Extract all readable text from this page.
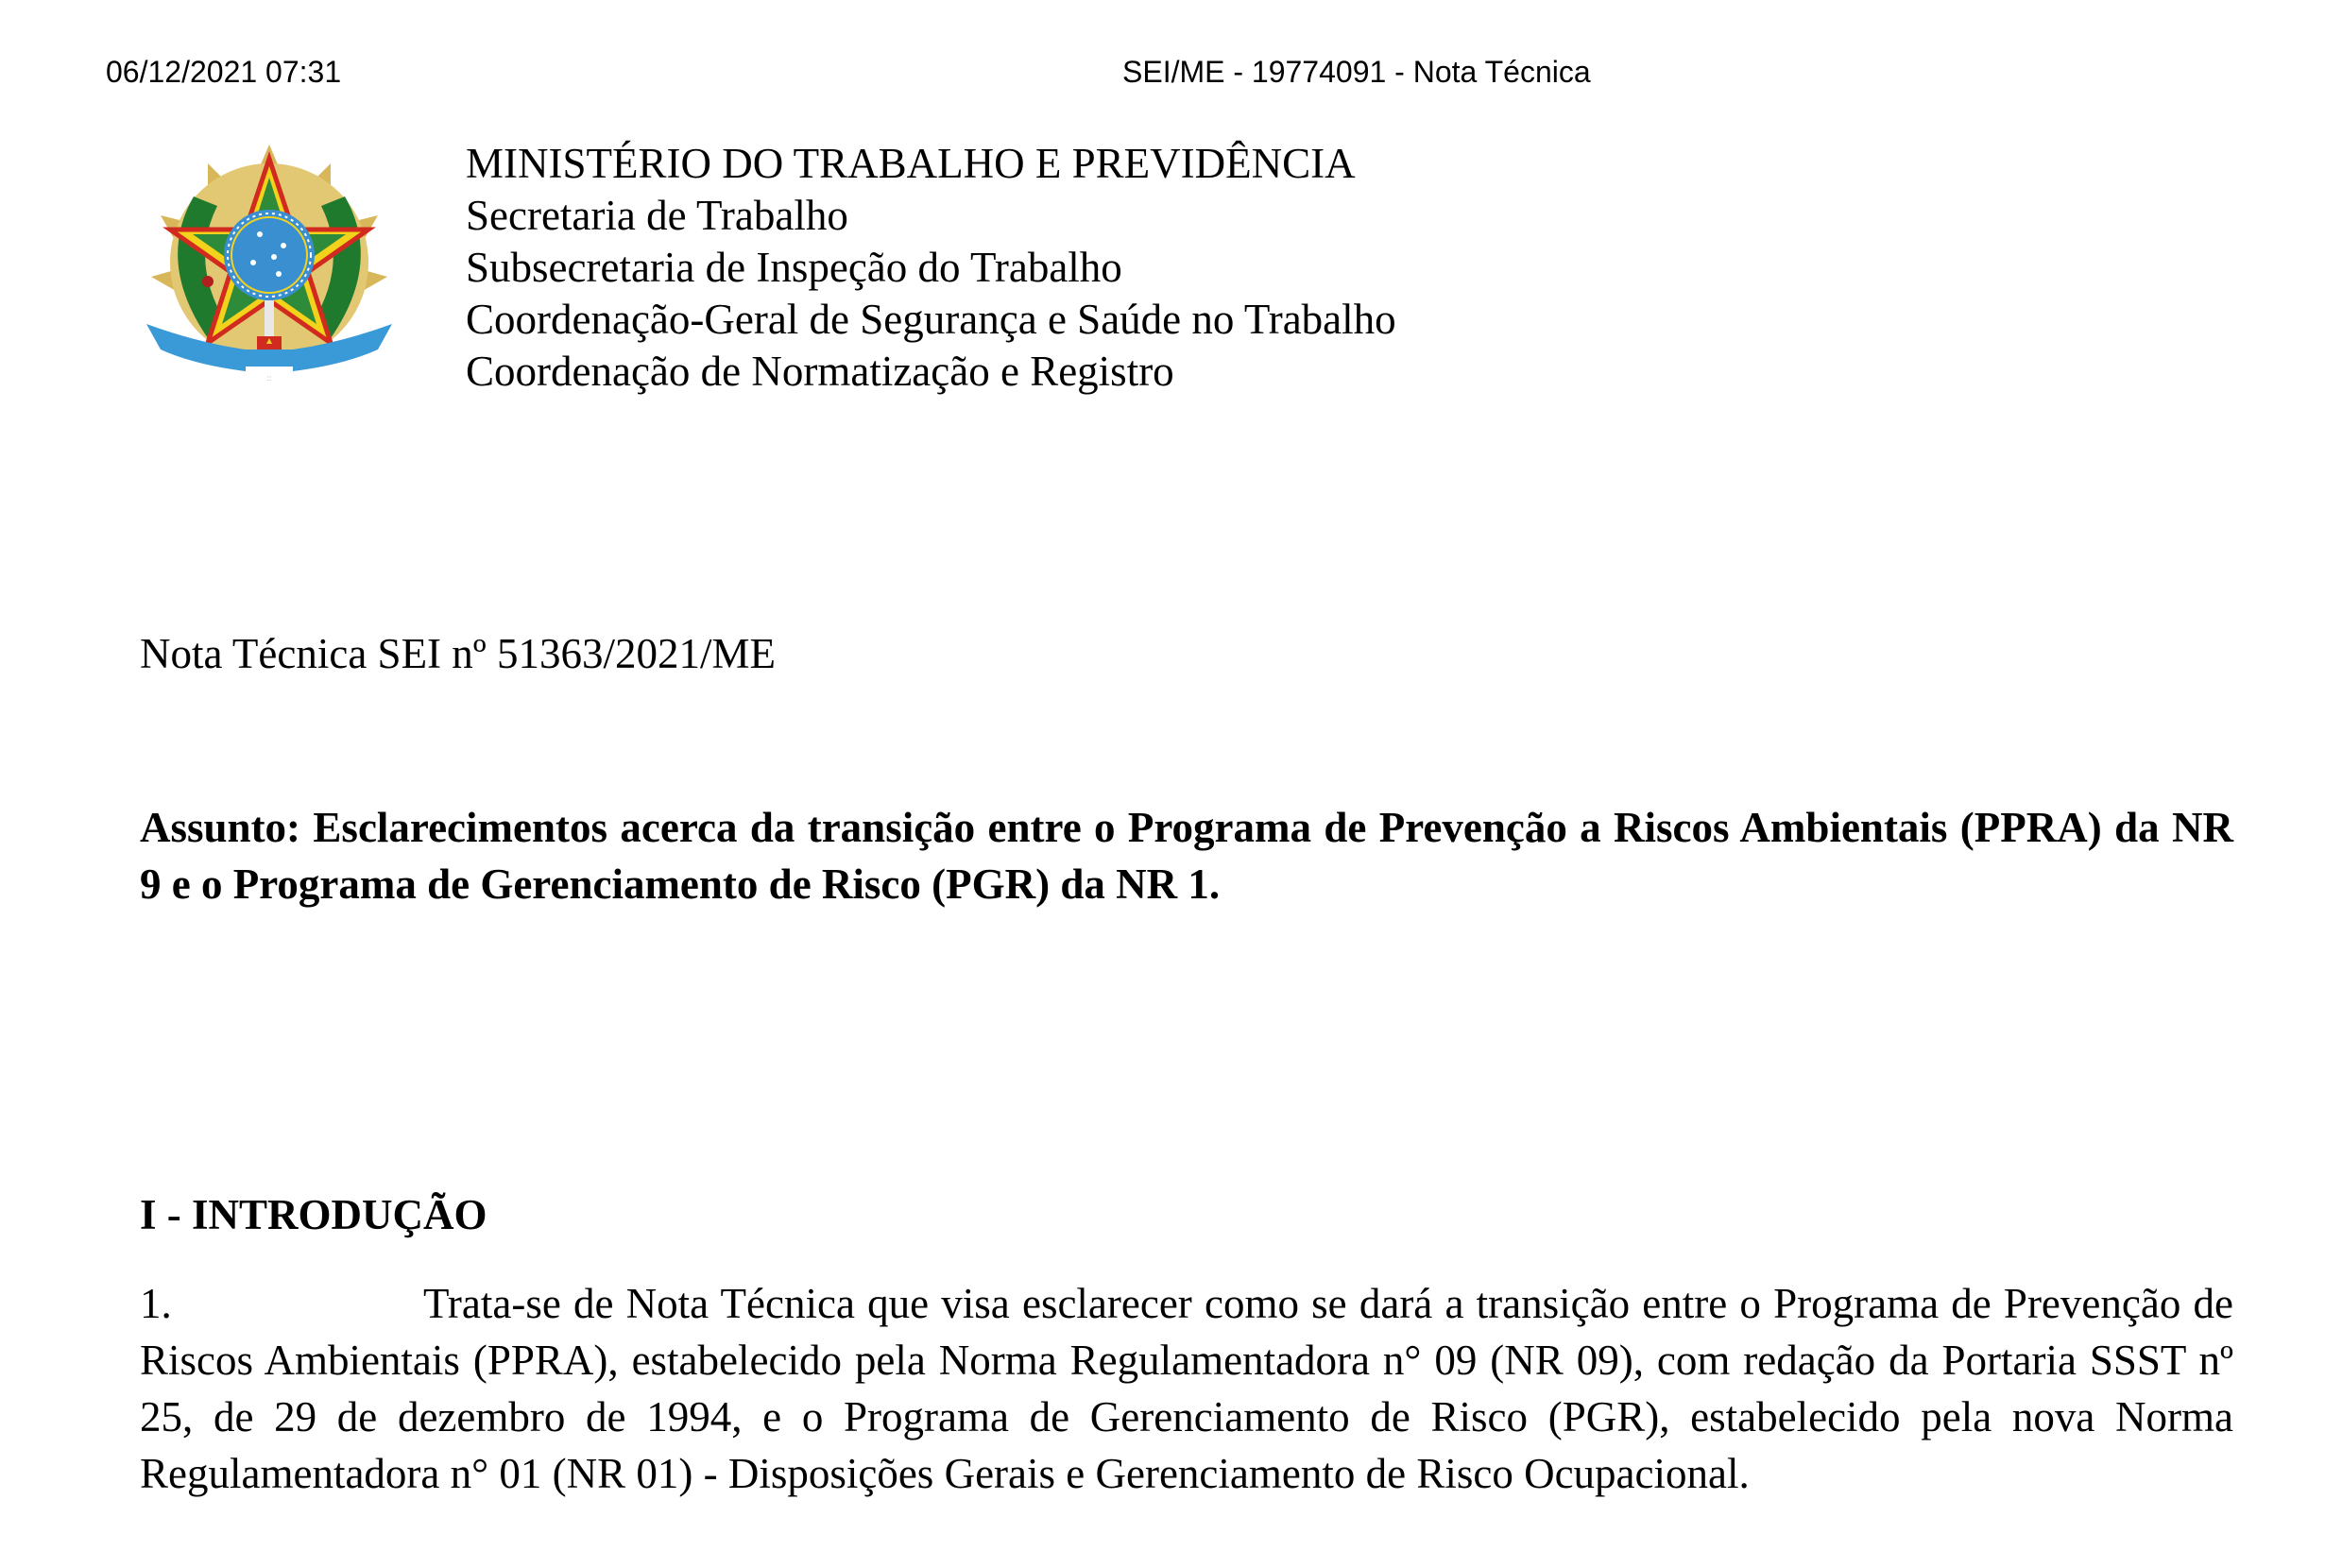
06/12/2021 07:31	SEI/ME - 19774091 - Nota Técnica
::
MINISTÉRIO DO TRABALHO E PREVIDÊNCIA
Secretaria de Trabalho
Subsecretaria de Inspeção do Trabalho
Coordenação-Geral de Segurança e Saúde no Trabalho
Coordenação de Normatização e Registro
Nota Técnica SEI nº 51363/2021/ME
Assunto: Esclarecimentos acerca da transição entre o Programa de Prevenção a Riscos Ambientais (PPRA) da NR 9 e o Programa de Gerenciamento de Risco (PGR) da NR 1.
I - INTRODUÇÃO
1.	Trata-se de Nota Técnica que visa esclarecer como se dará a transição entre o Programa de Prevenção de Riscos Ambientais (PPRA), estabelecido pela Norma Regulamentadora n° 09 (NR 09), com redação da Portaria SSST nº 25, de 29 de dezembro de 1994, e o Programa de Gerenciamento de Risco (PGR), estabelecido pela nova Norma Regulamentadora n° 01 (NR 01) - Disposições Gerais e Gerenciamento de Risco Ocupacional.
